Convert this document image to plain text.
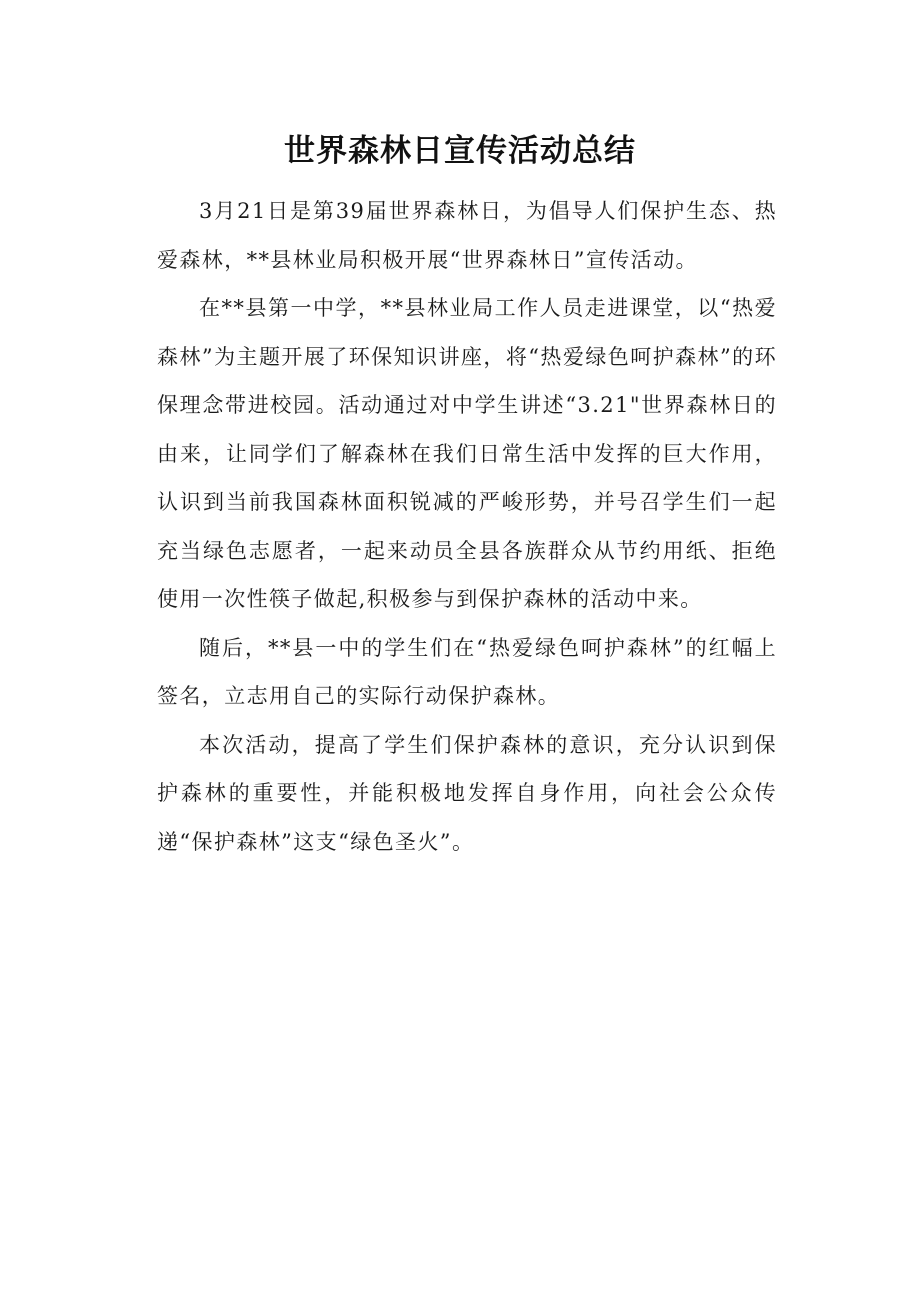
世界森林日宣传活动总结

3月21日是第39届世界森林日，为倡导人们保护生态、热爱森林，**县林业局积极开展“世界森林日”宣传活动。

在**县第一中学，**县林业局工作人员走进课堂，以“热爱森林”为主题开展了环保知识讲座，将“热爱绿色呵护森林”的环保理念带进校园。活动通过对中学生讲述“3.21"世界森林日的由来，让同学们了解森林在我们日常生活中发挥的巨大作用，认识到当前我国森林面积锐减的严峻形势，并号召学生们一起充当绿色志愿者，一起来动员全县各族群众从节约用纸、拒绝使用一次性筷子做起,积极参与到保护森林的活动中来。

随后，**县一中的学生们在“热爱绿色呵护森林”的红幅上签名，立志用自己的实际行动保护森林。

本次活动，提高了学生们保护森林的意识，充分认识到保护森林的重要性，并能积极地发挥自身作用，向社会公众传递“保护森林”这支“绿色圣火”。
